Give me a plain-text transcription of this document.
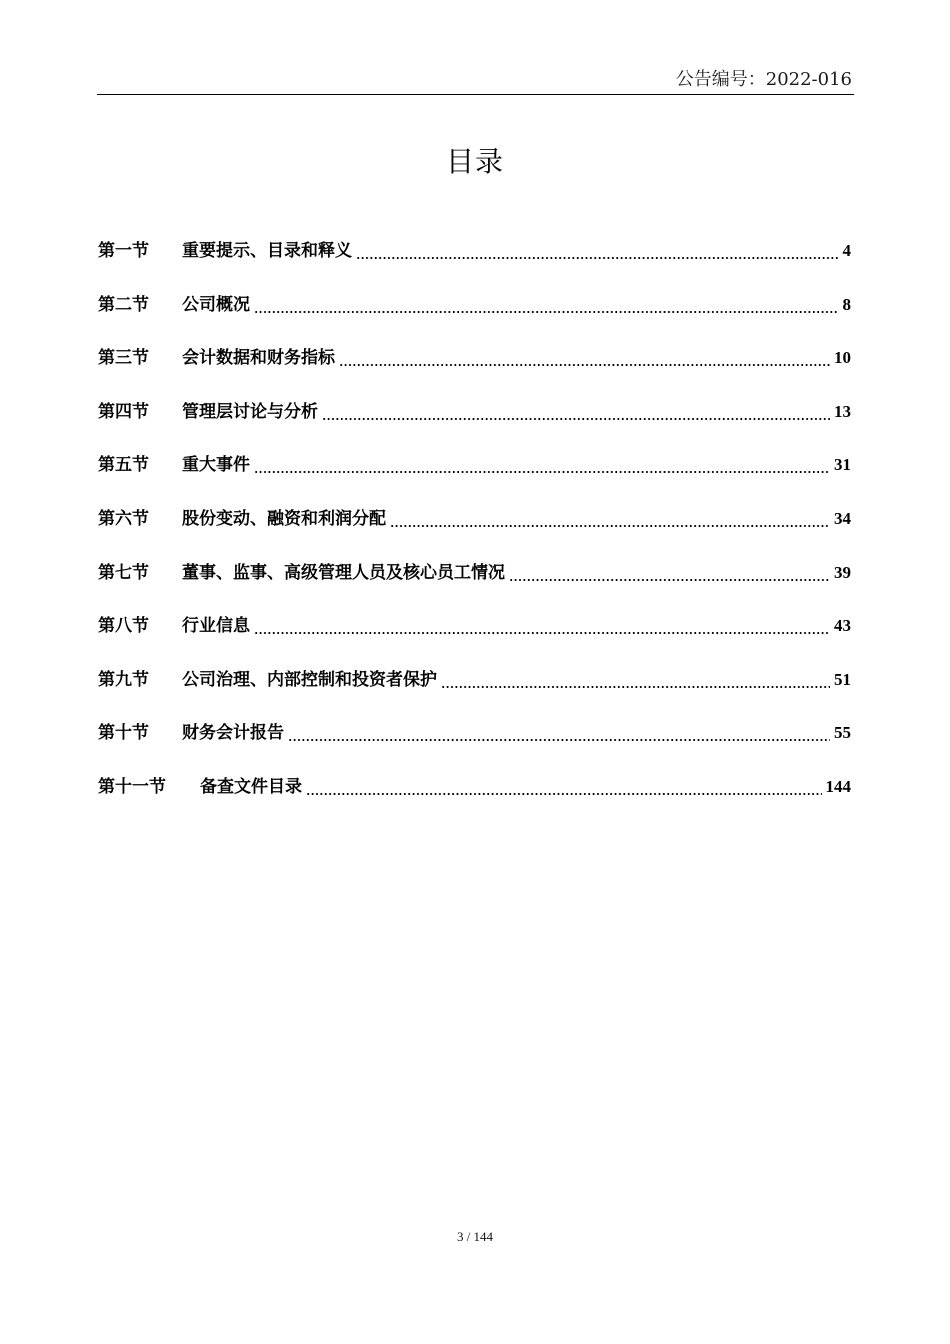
公告编号：2022-016
目录
第一节	重要提示、目录和释义	4
第二节	公司概况	8
第三节	会计数据和财务指标	10
第四节	管理层讨论与分析	13
第五节	重大事件	31
第六节	股份变动、融资和利润分配	34
第七节	董事、监事、高级管理人员及核心员工情况	39
第八节	行业信息	43
第九节	公司治理、内部控制和投资者保护	51
第十节	财务会计报告	55
第十一节	备查文件目录	144
3 / 144
